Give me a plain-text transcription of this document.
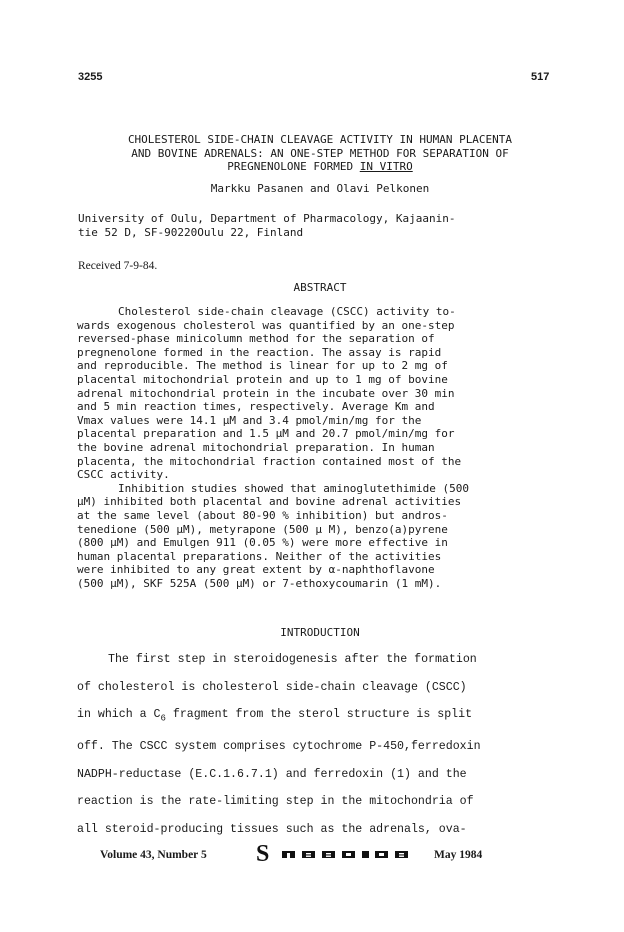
3255	517
CHOLESTEROL SIDE-CHAIN CLEAVAGE ACTIVITY IN HUMAN PLACENTA
AND BOVINE ADRENALS: AN ONE-STEP METHOD FOR SEPARATION OF
PREGNENOLONE FORMED IN VITRO
Markku Pasanen and Olavi Pelkonen
University of Oulu, Department of Pharmacology, Kajaanin-
tie 52 D, SF-90220Oulu 22, Finland
Received 7-9-84.
ABSTRACT

Cholesterol side-chain cleavage (CSCC) activity to-
wards exogenous cholesterol was quantified by an one-step
reversed-phase minicolumn method for the separation of
pregnenolone formed in the reaction. The assay is rapid
and reproducible. The method is linear for up to 2 mg of
placental mitochondrial protein and up to 1 mg of bovine
adrenal mitochondrial protein in the incubate over 30 min
and 5 min reaction times, respectively. Average Km and
Vmax values were 14.1 μM and 3.4 pmol/min/mg for the
placental preparation and 1.5 μM and 20.7 pmol/min/mg for
the bovine adrenal mitochondrial preparation. In human
placenta, the mitochondrial fraction contained most of the
CSCC activity.

Inhibition studies showed that aminoglutethimide (500
μM) inhibited both placental and bovine adrenal activities
at the same level (about 80-90 % inhibition) but andros-
tenedione (500 μM), metyrapone (500 μ M), benzo(a)pyrene
(800 μM) and Emulgen 911 (0.05 %) were more effective in
human placental preparations. Neither of the activities
were inhibited to any great extent by α-naphthoflavone
(500 μM), SKF 525A (500 μM) or 7-ethoxycoumarin (1 mM).

INTRODUCTION
The first step in steroidogenesis after the formation
of cholesterol is cholesterol side-chain cleavage (CSCC)
in which a $C_6$ fragment from the sterol structure is split
off. The CSCC system comprises cytochrome P-450,ferredoxin
NADPH-reductase (E.C.1.6.7.1) and ferredoxin (1) and the
reaction is the rate-limiting step in the mitochondria of
all steroid-producing tissues such as the adrenals, ova-
Volume 43, Number 5 S	May 1984
